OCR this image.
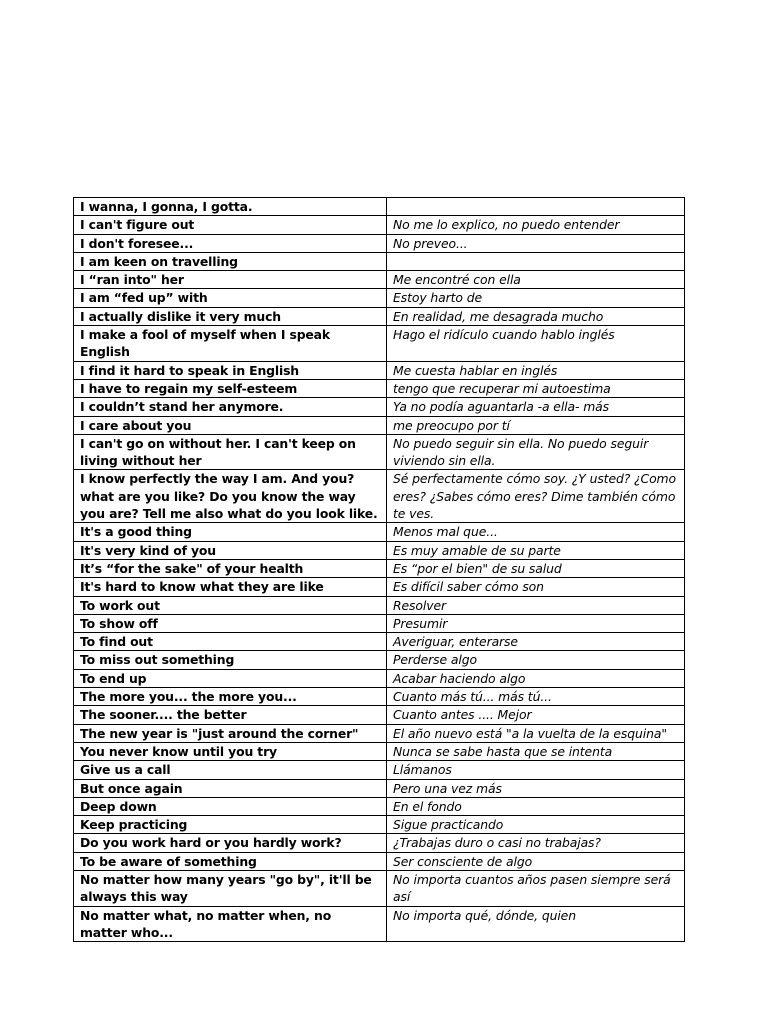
I wanna, I gonna, I gotta.	
I can't figure out	No me lo explico, no puedo entender
I don't foresee...	No preveo...
I am keen on travelling	
I “ran into" her	Me encontré con ella
I am “fed up” with	Estoy harto de
I actually dislike it very much	En realidad, me desagrada mucho
I make a fool of myself when I speak English	Hago el ridículo cuando hablo inglés
I find it hard to speak in English	Me cuesta hablar en inglés
I have to regain my self-esteem	tengo que recuperar mi autoestima
I couldn’t stand her anymore.	Ya no podía aguantarla -a ella- más
I care about you	me preocupo por tí
I can't go on without her. I can't keep on living without her	No puedo seguir sin ella. No puedo seguir viviendo sin ella.
I know perfectly the way I am. And you? what are you like? Do you know the way you are? Tell me also what do you look like.	Sé perfectamente cómo soy. ¿Y usted? ¿Como eres? ¿Sabes cómo eres? Dime también cómo te ves.
It's a good thing	Menos mal que...
It's very kind of you	Es muy amable de su parte
It’s “for the sake" of your health	Es “por el bien" de su salud
It's hard to know what they are like	Es difícil saber cómo son
To work out	Resolver
To show off	Presumir
To find out	Averiguar, enterarse
To miss out something	Perderse algo
To end up	Acabar haciendo algo
The more you... the more you...	Cuanto más tú... más tú...
The sooner.... the better	Cuanto antes .... Mejor
The new year is "just around the corner"	El año nuevo está "a la vuelta de la esquina"
You never know until you try	Nunca se sabe hasta que se intenta
Give us a call	Llámanos
But once again	Pero una vez más
Deep down	En el fondo
Keep practicing	Sigue practicando
Do you work hard or you hardly work?	¿Trabajas duro o casi no trabajas?
To be aware of something	Ser consciente de algo
No matter how many years "go by", it'll be always this way	No importa cuantos años pasen siempre será así
No matter what, no matter when, no matter who...	No importa qué, dónde, quien
